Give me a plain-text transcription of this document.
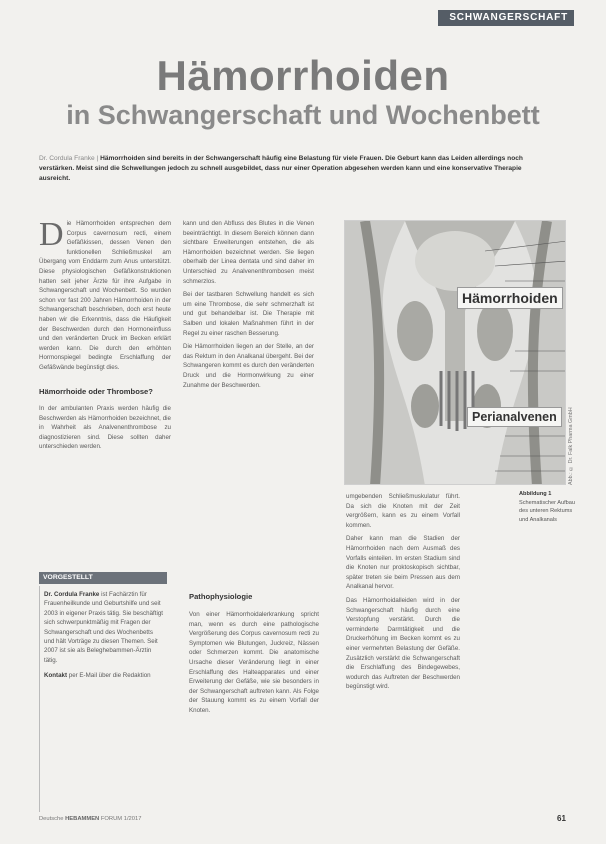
SCHWANGERSCHAFT
Hämorrhoiden
in Schwangerschaft und Wochenbett
Dr. Cordula Franke | Hämorrhoiden sind bereits in der Schwangerschaft häufig eine Belastung für viele Frauen. Die Geburt kann das Leiden allerdings noch verstärken. Meist sind die Schwellungen jedoch zu schnell ausgebildet, dass nur einer Operation abgesehen werden kann und eine konservative Therapie ausreicht.

Die Hämorrhoiden entsprechen dem Corpus cavernosum recti, einem Gefäßkissen, dessen Venen den funktionellen Schließmuskel am Übergang vom Enddarm zum Anus unterstützt. Diese physiologischen Gefäßkonstruktionen hatten seit jeher Ärzte für ihre Aufgabe in Schwangerschaft und Wochenbett. So wurden schon vor fast 200 Jahren Hämorrhoiden in der Schwangerschaft beschrieben, doch erst heute haben wir die Erkenntnis, dass die Häufigkeit der Beschwerden durch den Hormoneinfluss und den veränderten Druck im Becken erklärt werden kann. Die durch den erhöhten Hormonspiegel bedingte Erschlaffung der Gefäßwände begünstigt dies.

Hämorrhoide oder Thrombose?

In der ambulanten Praxis werden häufig die Beschwerden als Hämorrhoiden bezeichnet, die in Wahrheit als Analvenenthrombose zu diagnostizieren sind. Diese sollten daher unterschieden werden.

VORGESTELLT

Dr. Cordula Franke ist Fachärztin für Frauenheilkunde und Geburtshilfe und seit 2003 in eigener Praxis tätig. Sie beschäftigt sich schwerpunktmäßig mit Fragen der Schwangerschaft und des Wochenbetts und hält Vorträge zu diesen Themen. Seit 2007 ist sie als Beleghebammen-Ärztin tätig.

Kontakt per E-Mail über die Redaktion

kann und den Abfluss des Blutes in die Venen beeinträchtigt. In diesem Bereich können dann sichtbare Erweiterungen entstehen, die als Hämorrhoiden bezeichnet werden. Sie liegen oberhalb der Linea dentata und sind daher im Unterschied zu Analvenenthrombosen meist schmerzlos.

Bei der tastbaren Schwellung handelt es sich um eine Thrombose, die sehr schmerzhaft ist und gut behandelbar ist. Die Therapie mit Salben und lokalen Maßnahmen führt in der Regel zu einer raschen Besserung.

Die Hämorrhoiden liegen an der Stelle, an der das Rektum in den Analkanal übergeht. Bei der Schwangeren kommt es durch den veränderten Druck und die Hormonwirkung zu einer Zunahme der Beschwerden.

Pathophysiologie

Von einer Hämorrhoidalerkrankung spricht man, wenn es durch eine pathologische Vergrößerung des Corpus cavernosum recti zu Symptomen wie Blutungen, Juckreiz, Nässen oder Schmerzen kommt. Die anatomische Ursache dieser Veränderung liegt in einer Erschlaffung des Halteapparates und einer Erweiterung der Gefäße, wie sie besonders in der Schwangerschaft auftreten kann. Als Folge der Stauung kommt es zu einem Vorfall der Knoten.

Hämorrhoiden
Perianalvenen	Abb.: © Dr. Falk Pharma GmbH
Abbildung 1
Schematischer Aufbau des unteren Rektums und Analkanals

umgebenden Schließmuskulatur führt. Da sich die Knoten mit der Zeit vergrößern, kann es zu einem Vorfall kommen.

Daher kann man die Stadien der Hämorrhoiden nach dem Ausmaß des Vorfalls einteilen. Im ersten Stadium sind die Knoten nur proktoskopisch sichtbar, später treten sie beim Pressen aus dem Analkanal hervor.

Das Hämorrhoidalleiden wird in der Schwangerschaft häufig durch eine Verstopfung verstärkt. Durch die verminderte Darmtätigkeit und die Druckerhöhung im Becken kommt es zu einer vermehrten Belastung der Gefäße. Zusätzlich verstärkt die Schwangerschaft die Erschlaffung des Bindegewebes, wodurch das Auftreten der Beschwerden begünstigt wird.

Deutsche HEBAMMEN FORUM 1/2017	61
